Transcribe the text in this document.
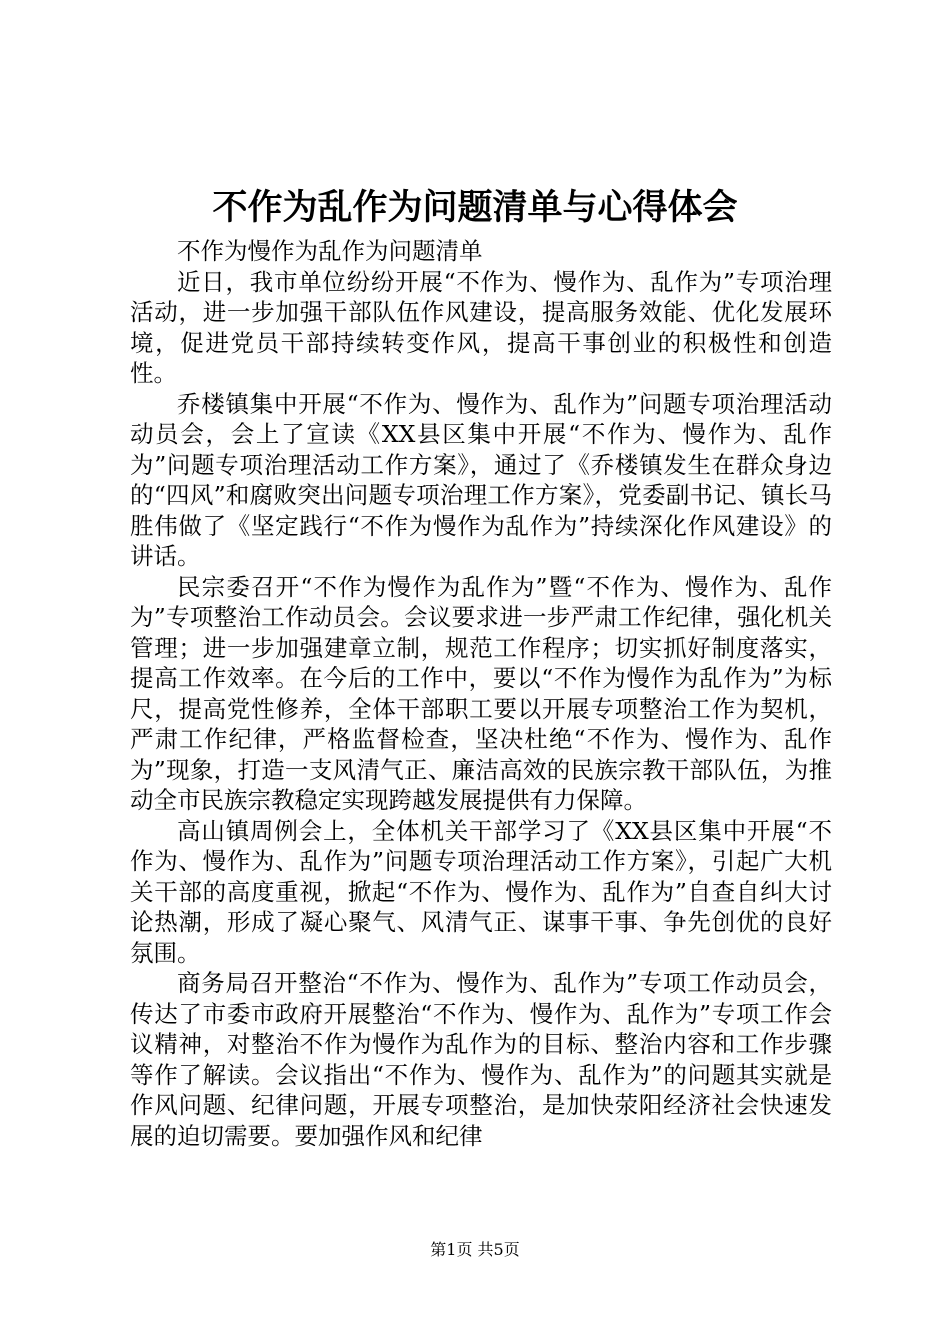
不作为乱作为问题清单与心得体会

不作为慢作为乱作为问题清单

近日，我市单位纷纷开展“不作为、慢作为、乱作为”专项治理活动，进一步加强干部队伍作风建设，提高服务效能、优化发展环境，促进党员干部持续转变作风，提高干事创业的积极性和创造性。

乔楼镇集中开展“不作为、慢作为、乱作为”问题专项治理活动动员会，会上了宣读《XX县区集中开展“不作为、慢作为、乱作为”问题专项治理活动工作方案》，通过了《乔楼镇发生在群众身边的“四风”和腐败突出问题专项治理工作方案》，党委副书记、镇长马胜伟做了《坚定践行“不作为慢作为乱作为”持续深化作风建设》的讲话。

民宗委召开“不作为慢作为乱作为”暨“不作为、慢作为、乱作为”专项整治工作动员会。会议要求进一步严肃工作纪律，强化机关管理；进一步加强建章立制，规范工作程序；切实抓好制度落实，提高工作效率。在今后的工作中，要以“不作为慢作为乱作为”为标尺，提高党性修养，全体干部职工要以开展专项整治工作为契机，严肃工作纪律，严格监督检查，坚决杜绝“不作为、慢作为、乱作为”现象，打造一支风清气正、廉洁高效的民族宗教干部队伍，为推动全市民族宗教稳定实现跨越发展提供有力保障。

高山镇周例会上，全体机关干部学习了《XX县区集中开展“不作为、慢作为、乱作为”问题专项治理活动工作方案》，引起广大机关干部的高度重视，掀起“不作为、慢作为、乱作为”自查自纠大讨论热潮，形成了凝心聚气、风清气正、谋事干事、争先创优的良好氛围。

商务局召开整治“不作为、慢作为、乱作为”专项工作动员会，传达了市委市政府开展整治“不作为、慢作为、乱作为”专项工作会议精神，对整治不作为慢作为乱作为的目标、整治内容和工作步骤等作了解读。会议指出“不作为、慢作为、乱作为”的问题其实就是作风问题、纪律问题，开展专项整治，是加快荥阳经济社会快速发展的迫切需要。要加强作风和纪律

第1页 共5页
